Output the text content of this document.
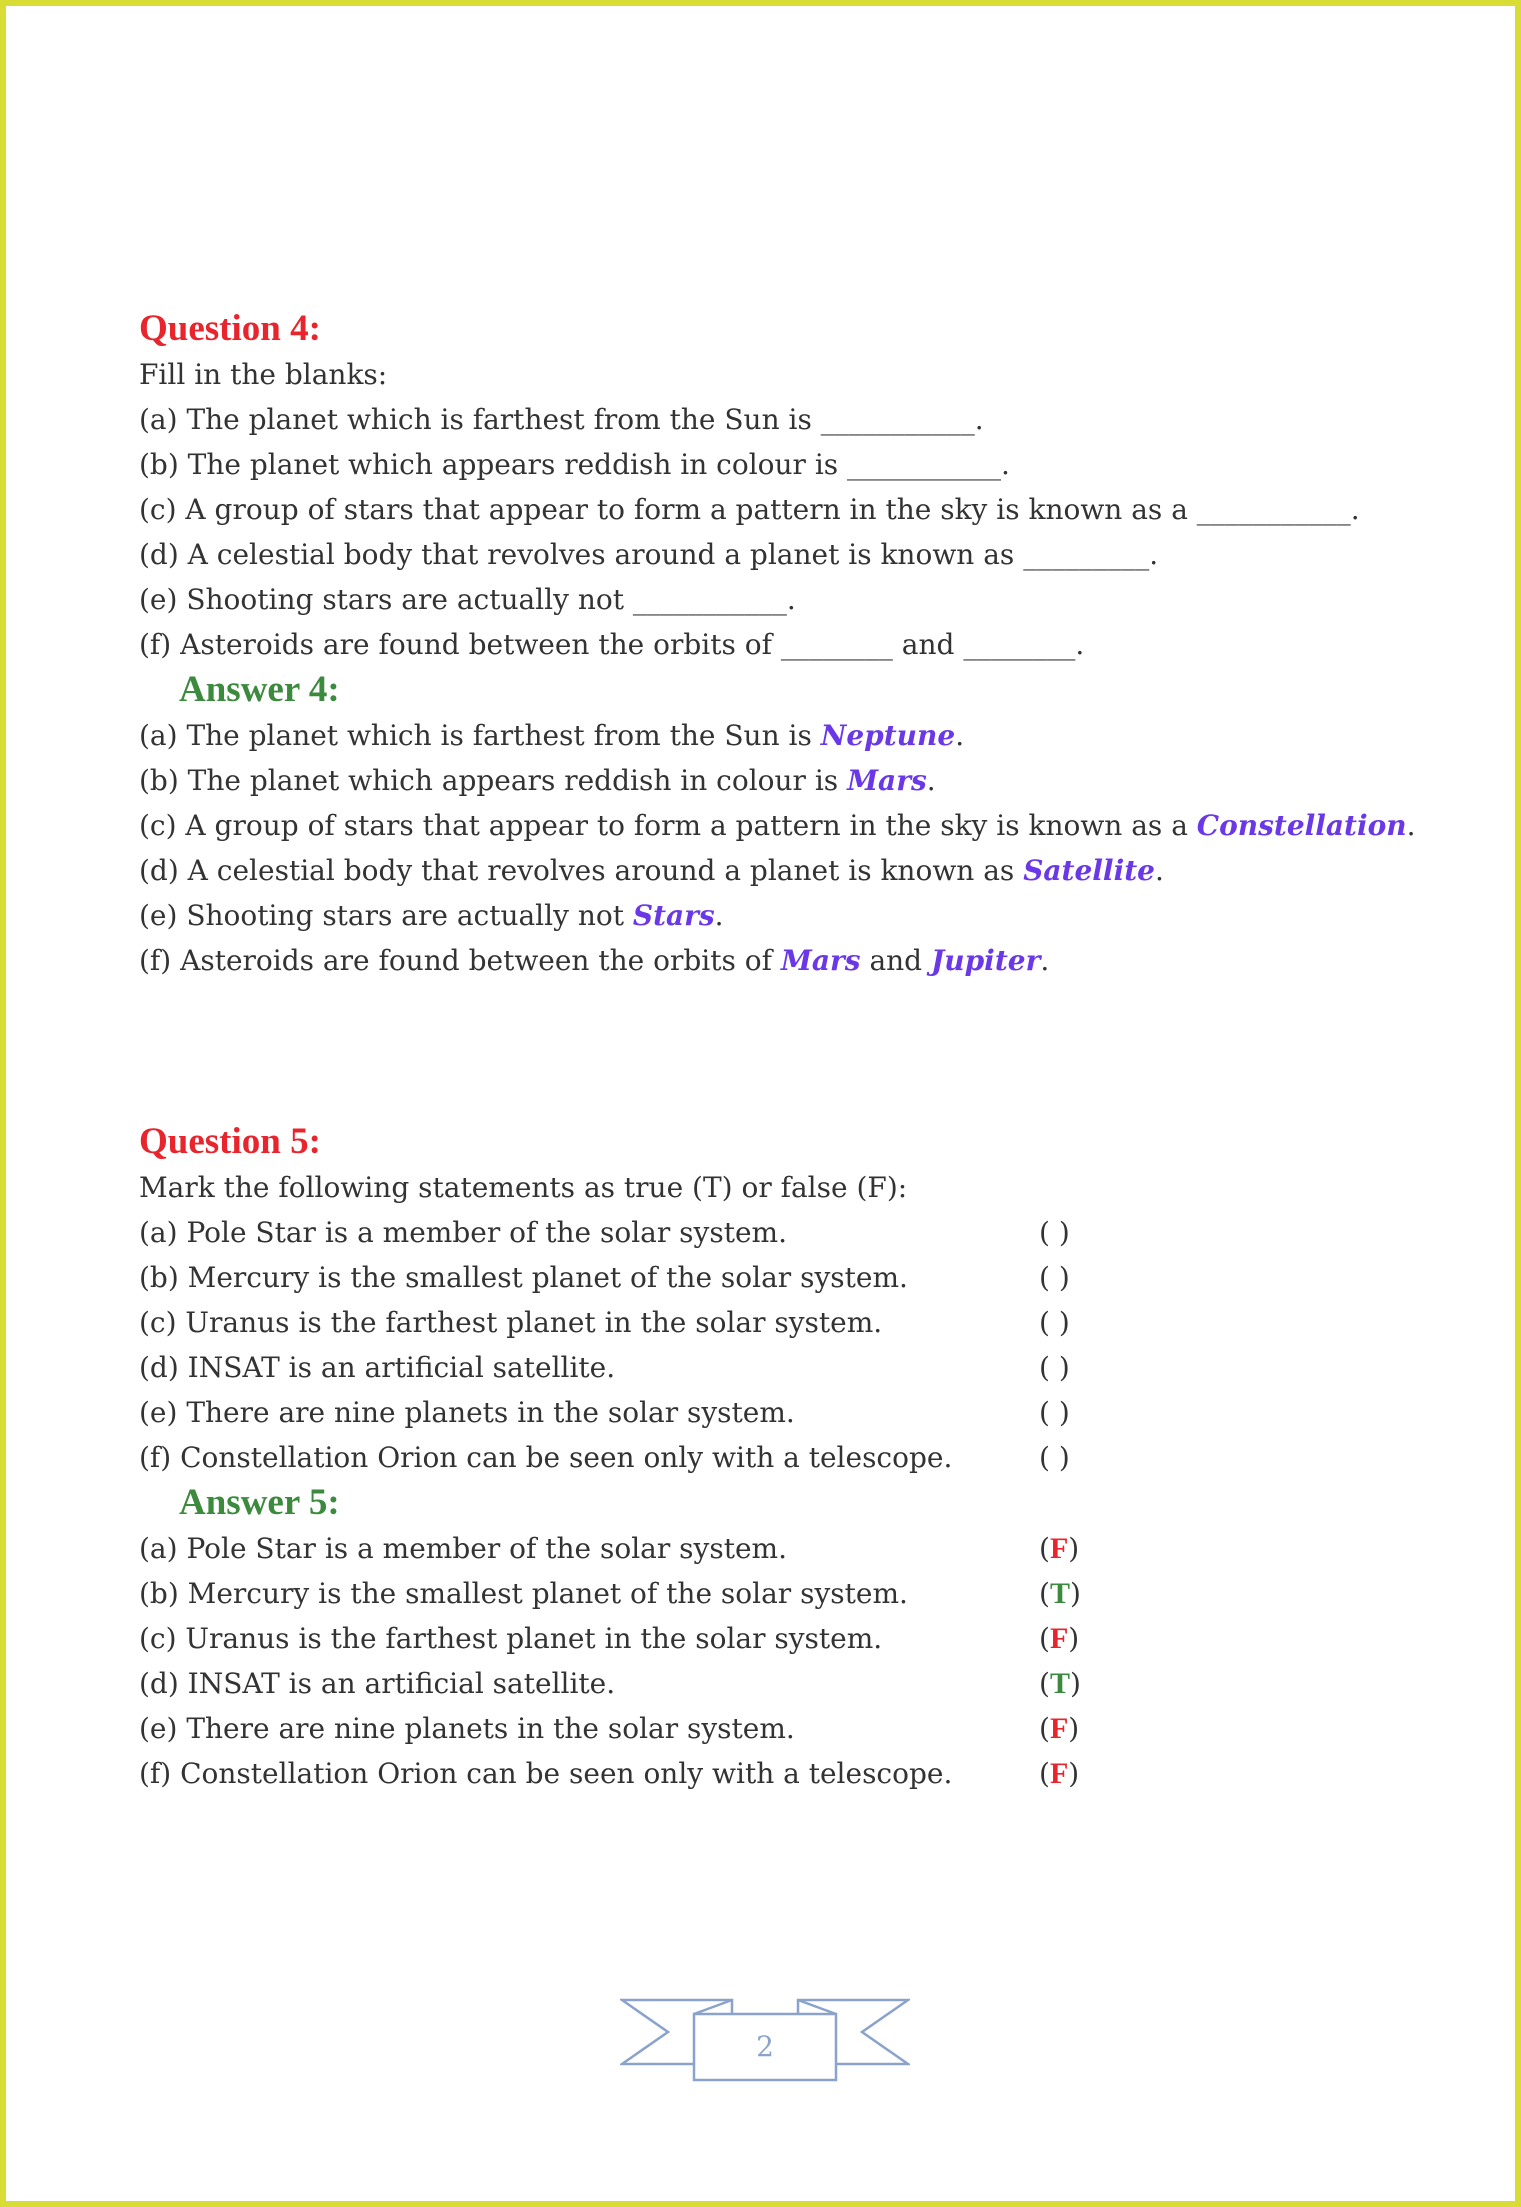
Question 4:
Fill in the blanks:
(a) The planet which is farthest from the Sun is ___________.
(b) The planet which appears reddish in colour is ___________.
(c) A group of stars that appear to form a pattern in the sky is known as a ___________.
(d) A celestial body that revolves around a planet is known as _________.
(e) Shooting stars are actually not ___________.
(f) Asteroids are found between the orbits of ________ and ________.
Answer 4:
(a) The planet which is farthest from the Sun is Neptune.
(b) The planet which appears reddish in colour is Mars.
(c) A group of stars that appear to form a pattern in the sky is known as a Constellation.
(d) A celestial body that revolves around a planet is known as Satellite.
(e) Shooting stars are actually not Stars.
(f) Asteroids are found between the orbits of Mars and Jupiter.
Question 5:
Mark the following statements as true (T) or false (F):
(a) Pole Star is a member of the solar system.	( )
(b) Mercury is the smallest planet of the solar system.	( )
(c) Uranus is the farthest planet in the solar system.	( )
(d) INSAT is an artificial satellite.	( )
(e) There are nine planets in the solar system.	( )
(f) Constellation Orion can be seen only with a telescope.	( )
Answer 5:
(a) Pole Star is a member of the solar system.	(F)
(b) Mercury is the smallest planet of the solar system.	(T)
(c) Uranus is the farthest planet in the solar system.	(F)
(d) INSAT is an artificial satellite.	(T)
(e) There are nine planets in the solar system.	(F)
(f) Constellation Orion can be seen only with a telescope.	(F)
2
